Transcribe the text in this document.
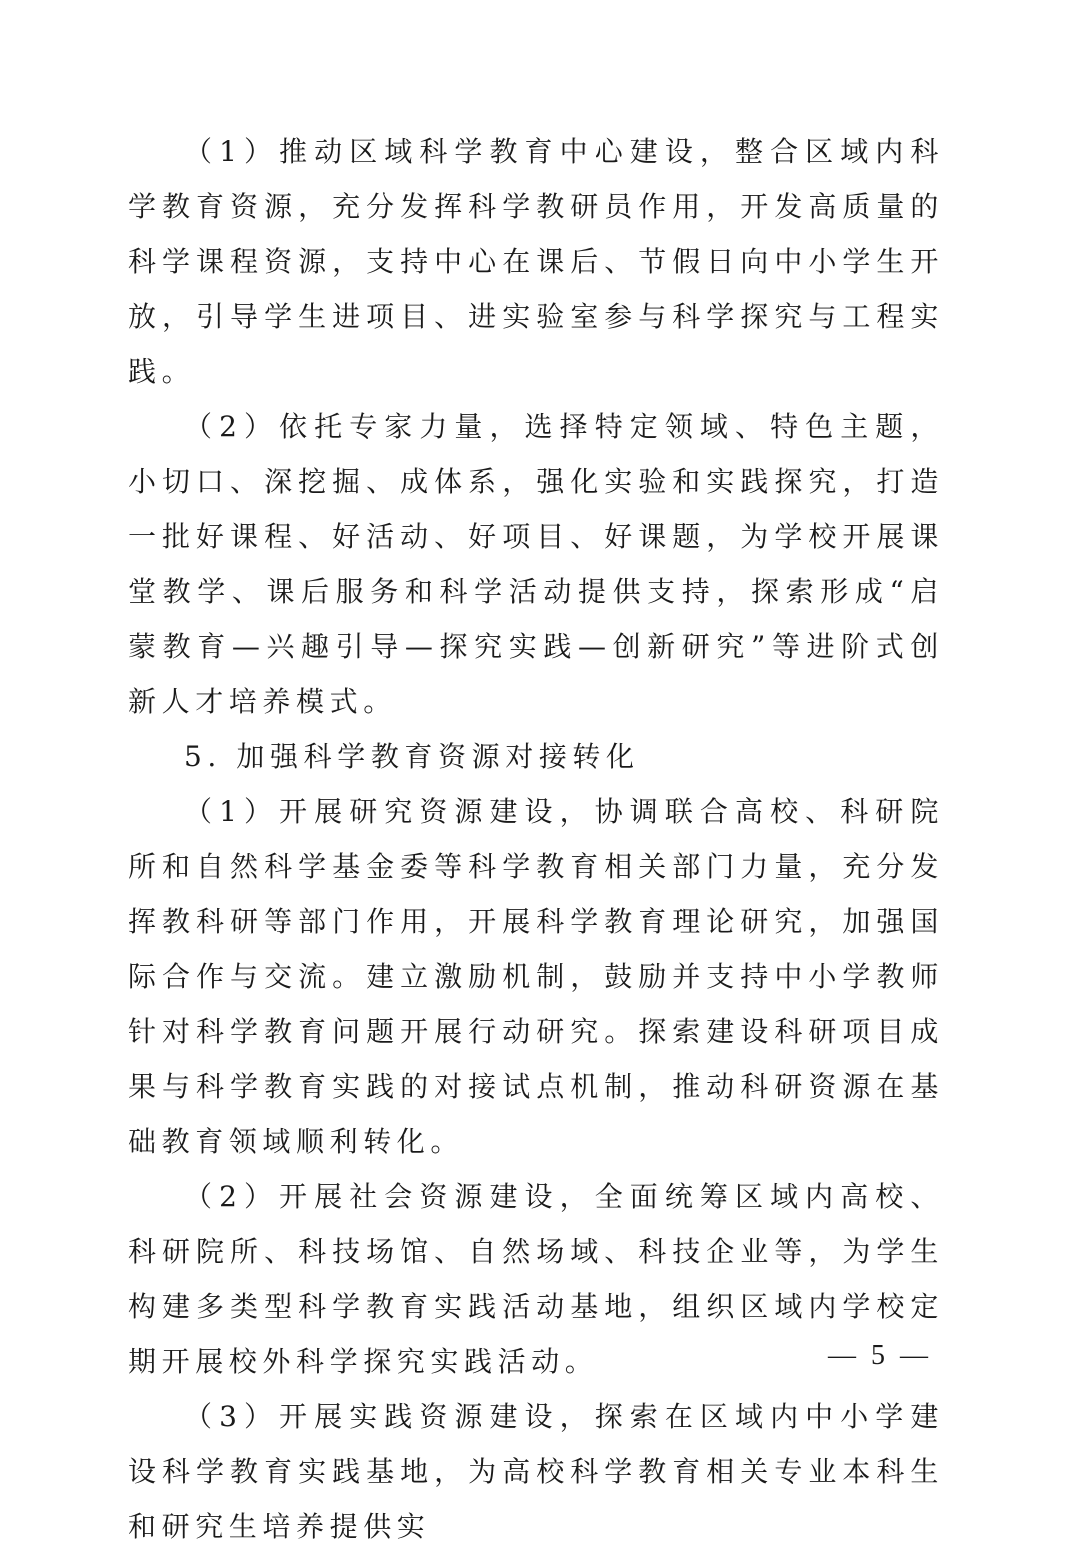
（1）推动区域科学教育中心建设，整合区域内科学教育资源，充分发挥科学教研员作用，开发高质量的科学课程资源，支持中心在课后、节假日向中小学生开放，引导学生进项目、进实验室参与科学探究与工程实践。

（2）依托专家力量，选择特定领域、特色主题，小切口、深挖掘、成体系，强化实验和实践探究，打造一批好课程、好活动、好项目、好课题，为学校开展课堂教学、课后服务和科学活动提供支持，探索形成“启蒙教育—兴趣引导—探究实践—创新研究”等进阶式创新人才培养模式。

5. 加强科学教育资源对接转化

（1）开展研究资源建设，协调联合高校、科研院所和自然科学基金委等科学教育相关部门力量，充分发挥教科研等部门作用，开展科学教育理论研究，加强国际合作与交流。建立激励机制，鼓励并支持中小学教师针对科学教育问题开展行动研究。探索建设科研项目成果与科学教育实践的对接试点机制，推动科研资源在基础教育领域顺利转化。

（2）开展社会资源建设，全面统筹区域内高校、科研院所、科技场馆、自然场域、科技企业等，为学生构建多类型科学教育实践活动基地，组织区域内学校定期开展校外科学探究实践活动。

（3）开展实践资源建设，探索在区域内中小学建设科学教育实践基地，为高校科学教育相关专业本科生和研究生培养提供实

— 5 —
